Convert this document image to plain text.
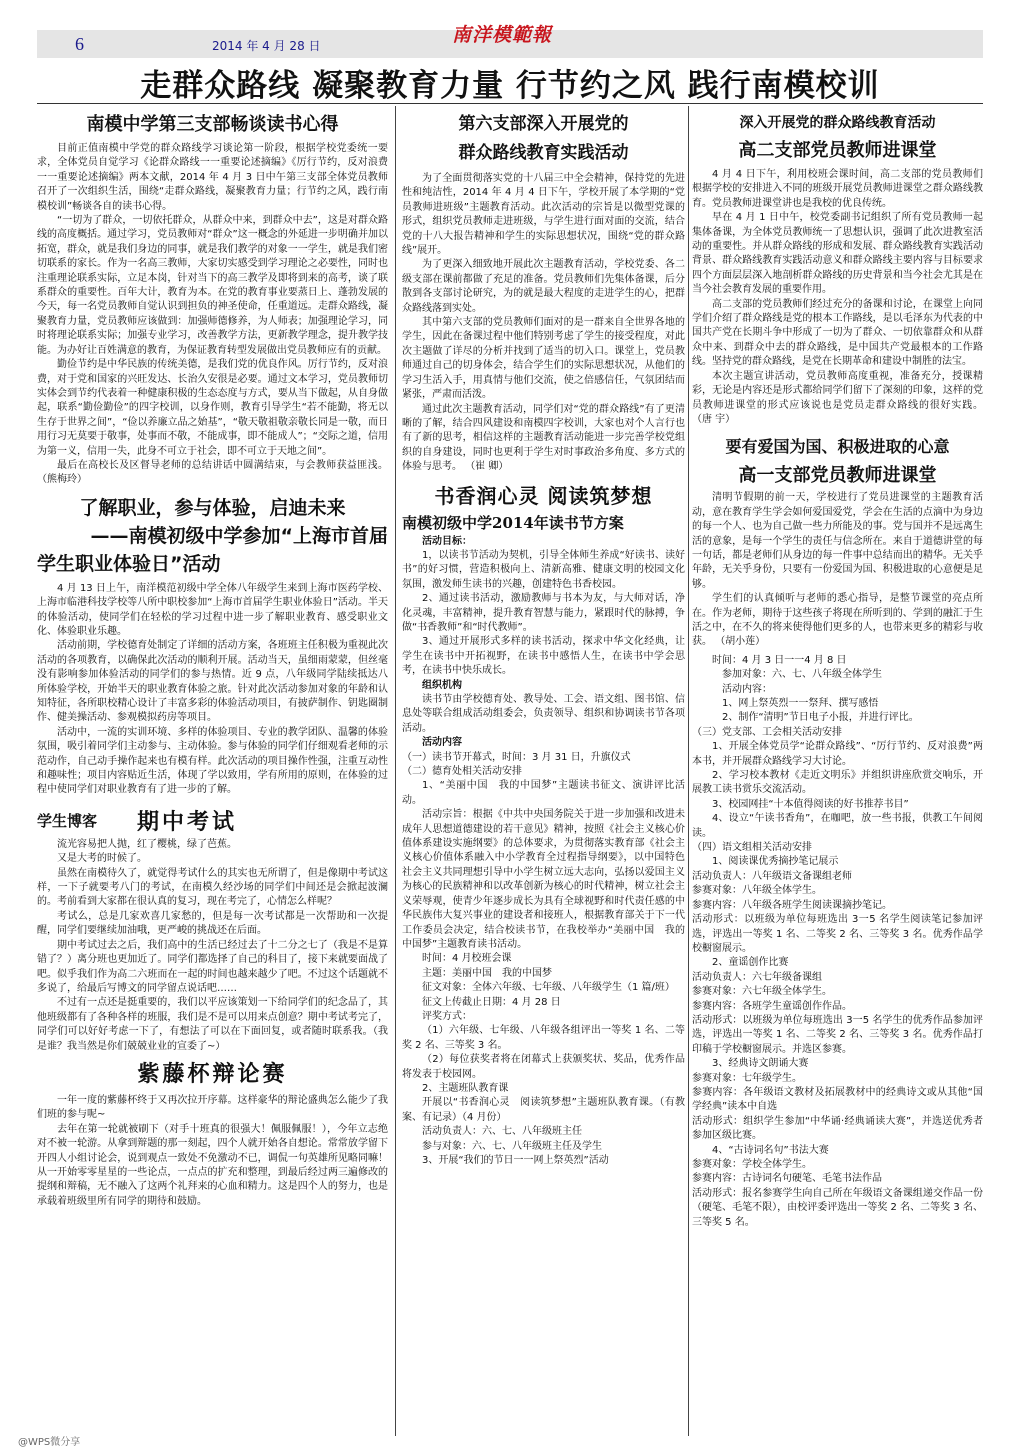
6	2014 年 4 月 28 日	南洋模範報
走群众路线 凝聚教育力量 行节约之风 践行南模校训
南模中学第三支部畅谈读书心得
目前正值南模中学党的群众路线学习谈论第一阶段，根据学校党委统一要求，全体党员自觉学习《论群众路线一一重要论述摘编》《厉行节约，反对浪费一一重要论述摘编》两本文献，2014 年 4 月 3 日中午第三支部全体党员教师召开了一次组织生活，围绕“走群众路线，凝聚教育力量；行节约之风，践行南模校训”畅谈各自的读书心得。
“一切为了群众，一切依托群众，从群众中来，到群众中去”，这是对群众路线的高度概括。通过学习，党员教师对“群众”这一概念的外延进一步明确并加以拓宽，群众，就是我们身边的同事，就是我们教学的对象一一学生，就是我们密切联系的家长。作为一名高三教师，大家切实感受到学习理论之必要性，同时也注重理论联系实际，立足本岗，针对当下的高三教学及即将到来的高考，谈了联系群众的重要性。百年大计，教育为本。在党的教育事业要蒸日上、蓬勃发展的今天，每一名党员教师自觉认识到担负的神圣使命，任重道远。走群众路线，凝聚教育力量，党员教师应该做到：加强师德修养，为人师表；加强理论学习，同时将理论联系实际；加强专业学习，改善教学方法，更新教学理念，提升教学技能。为办好让百姓满意的教育，为保证教育转型发展做出党员教师应有的贡献。
勤俭节约是中华民族的传统美德，是我们党的优良作风。厉行节约，反对浪费，对于党和国家的兴旺发达、长治久安很是必要。通过文本学习，党员教师切实体会到节约代表着一种健康积极的生态态度与方式，要从当下做起，从自身做起，联系“勤俭勤俭”的四字校训，以身作则，教育引导学生“若不能勤，将无以生存于世界之间”，“俭以养廉立品之始基”，“敬天敬祖敬亲敬长同是一敬，而日用行习无莫要于敬事，处事而不敬，不能成事，即不能成人”；“交际之道，信用为第一义，信用一失，此身不可立于社会，即不可立于天地之间”。
最后在高校长及区督导老师的总结讲话中圆满结束，与会教师获益匪浅。（熊梅玲）
了解职业，参与体验，启迪未来
——南模初级中学参加“上海市首届
学生职业体验日”活动
4 月 13 日上午，南洋模范初级中学全体八年级学生来到上海市医药学校、上海市临港科技学校等八所中职校参加“上海市首届学生职业体验日”活动。半天的体验活动，使同学们在轻松的学习过程中进一步了解职业教育、感受职业文化、体验职业乐趣。
活动前期，学校德育处制定了详细的活动方案，各班班主任积极为重视此次活动的各项教育，以确保此次活动的顺利开展。活动当天，虽细雨蒙蒙，但丝毫没有影响参加体验活动的同学们的参与热情。近 9 点，八年级同学陆续抵达八所体验学校，开始半天的职业教育体验之旅。针对此次活动参加对象的年龄和认知特征，各所职校精心设计了丰富多彩的体验活动项目，有披萨制作、钥匙圈制作、健美操活动、参观模拟药房等项目。
活动中，一流的实训环境、多样的体验项目、专业的教学团队、温馨的体验氛围，吸引着同学们主动参与、主动体验。参与体验的同学们仔细观看老师的示范动作，自己动手操作起来也有模有样。此次活动的项目操作性强，注重互动性和趣味性；项目内容贴近生活，体现了学以致用，学有所用的原则，在体验的过程中使同学们对职业教育有了进一步的了解。
学生博客	期中考试
流光容易把人抛，红了樱桃，绿了芭蕉。
又是大考的时候了。
虽然在南模待久了，就觉得考试什么的其实也无所谓了，但是像期中考试这样，一下子就要考八门的考试，在南模久经沙场的同学们中间还是会掀起波澜的。考前看到大家都在很认真的复习，现在考完了，心情怎么样呢？
考试么，总是几家欢喜几家愁的，但是每一次考试都是一次帮助和一次提醒，同学们要继续加油哦，更严峻的挑战还在后面。
期中考试过去之后，我们高中的生活已经过去了十二分之七了（我是不是算错了？）离分班也更加近了。同学们都选择了自己的科目了，接下来就要面战了吧。似乎我们作为高二六班而在一起的时间也越来越少了吧。不过这个话题就不多说了，给最后写博文的同学留点说话吧……
不过有一点还是挺重要的，我们以平应该策划一下给同学们的纪念品了，其他班级都有了各种各样的班服，我们是不是可以用来点创意？期中考试考完了，同学们可以好好考虑一下了，有想法了可以在下面回复，或者随时联系我。（我是谁？我当然是你们兢兢业业的宣委了~）
紫藤杯辩论赛
一年一度的紫藤杯终于又再次拉开序幕。这样豪华的辩论盛典怎么能少了我们班的参与呢~
去年在第一轮就被刷下（对手十班真的很强大！佩服佩服！），今年立志绝对不被一轮游。从拿到辩题的那一刻起，四个人就开始各自想论。常常放学留下开四人小组讨论会，说到观点一致处不免激动不已，调侃一句英雄所见略同嘛！从一开始零零星星的一些论点，一点点的扩充和整理，到最后经过两三遍修改的提纲和辩稿，无不融入了这两个礼拜来的心血和精力。这是四个人的努力，也是承载着班级里所有同学的期待和鼓励。
第六支部深入开展党的
群众路线教育实践活动
为了全面贯彻落实党的十八届三中全会精神，保持党的先进性和纯洁性，2014 年 4 月 4 日下午，学校开展了本学期的“党员教师进班级”主题教育活动。此次活动的宗旨是以微型党课的形式，组织党员教师走进班级，与学生进行面对面的交流，结合党的十八大报告精神和学生的实际思想状况，围绕“党的群众路线”展开。
为了更深入细致地开展此次主题教育活动，学校党委、各二级支部在课前都做了充足的准备。党员教师们先集体备课，后分散到各支部讨论研究，为的就是最大程度的走进学生的心，把群众路线落到实处。
其中第六支部的党员教师们面对的是一群来自全世界各地的学生，因此在备课过程中他们特别考虑了学生的接受程度，对此次主题做了详尽的分析并找到了适当的切入口。课堂上，党员教师通过自己的切身体会，结合学生们的实际思想状况，从他们的学习生活入手，用真情与他们交流，使之倍感信任，气氛团结而紧张，严肃而活泼。
通过此次主题教育活动，同学们对“党的群众路线”有了更清晰的了解，结合四风建设和南模四字校训，大家也对个人言行也有了新的思考，相信这样的主题教育活动能进一步完善学校党组织的自身建设，同时也更利于学生对时事政治多角度、多方式的体验与思考。 （崔 卿）
书香润心灵 阅读筑梦想
南模初级中学2014年读书节方案
活动目标：
1，以读书节活动为契机，引导全体师生养成“好读书、读好书”的好习惯，营造积极向上、清新高雅、健康文明的校园文化氛围，激发师生读书的兴趣，创建特色书香校园。
2、通过读书活动，激励教师与书本为友，与大师对话，净化灵魂，丰富精神，提升教育智慧与能力，紧跟时代的脉搏，争做“书香教师”和“时代教师”。
3、通过开展形式多样的读书活动，探求中华文化经典，让学生在读书中开拓视野，在读书中感悟人生，在读书中学会思考，在读书中快乐成长。
组织机构
读书节由学校德育处、教导处、工会、语文组、图书馆、信息处等联合组成活动组委会，负责领导、组织和协调读书节各项活动。
活动内容
（一）读书节开幕式，时间：3 月 31 日，升旗仪式
（二）德育处相关活动安排
1、“美丽中国　我的中国梦”主题读书征文、演讲评比活动。
活动宗旨：根据《中共中央国务院关于进一步加强和改进未成年人思想道德建设的若干意见》精神，按照《社会主义核心价值体系建设实施纲要》的总体要求，为贯彻落实教育部《社会主义核心价值体系融入中小学教育全过程指导纲要》，以中国特色社会主义共同理想引导中小学生树立远大志向，弘扬以爱国主义为核心的民族精神和以改革创新为核心的时代精神，树立社会主义荣辱观，使青少年逐步成长为具有全球视野和时代责任感的中华民族伟大复兴事业的建设者和接班人，根据教育部关于下一代工作委员会决定，结合校读书节，在我校举办“美丽中国　我的中国梦”主题教育读书活动。
时间：4 月校班会课
主题：美丽中国　我的中国梦
征文对象：全体六年级、七年级、八年级学生（1 篇/班）
征文上传截止日期：4 月 28 日
评奖方式：
（1）六年级、七年级、八年级各组评出一等奖 1 名、二等奖 2 名、三等奖 3 名。
（2）每位获奖者将在闭幕式上获颁奖状、奖品，优秀作品将发表于校园网。
2、主题班队教育课
开展以“书香润心灵　阅读筑梦想”主题班队教育课。（有教案、有记录）（4 月份）
活动负责人：六、七、八年级班主任
参与对象：六、七、八年级班主任及学生
3、开展“我们的节日一一网上祭英烈”活动
深入开展党的群众路线教育活动
高二支部党员教师进课堂
4 月 4 日下午，利用校班会课时间，高二支部的党员教师们根据学校的安排进入不同的班级开展党员教师进课堂之群众路线教育。党员教师进课堂讲也是我校的优良传统。
早在 4 月 1 日中午，校党委副书记组织了所有党员教师一起集体备课，为全体党员教师统一了思想认识，强调了此次进教室活动的重要性。并从群众路线的形成和发展、群众路线教育实践活动背景、群众路线教育实践活动意义和群众路线主要内容与目标要求四个方面层层深入地剖析群众路线的历史背景和当今社会尤其是在当今社会教育发展的重要作用。
高二支部的党员教师们经过充分的备课和讨论，在课堂上向同学们介绍了群众路线是党的根本工作路线，是以毛泽东为代表的中国共产党在长期斗争中形成了一切为了群众、一切依靠群众和从群众中来、到群众中去的群众路线，是中国共产党最根本的工作路线。坚持党的群众路线，是党在长期革命和建设中制胜的法宝。
本次主题宣讲活动，党员教师高度重视，准备充分，授课精彩，无论是内容还是形式都给同学们留下了深刻的印象，这样的党员教师进课堂的形式应该说也是党员走群众路线的很好实践。 （唐 宇）
要有爱国为国、积极进取的心意
高一支部党员教师进课堂
清明节假期的前一天，学校进行了党员进课堂的主题教育活动，意在教育学生学会如何爱国爱党，学会在生活的点滴中为身边的每一个人、也为自己做一些力所能及的事。党与国并不是远离生活的意象，是每一个学生的责任与信念所在。来自于道德讲堂的每一句话，都是老师们从身边的每一件事中总结而出的精华。无关乎年龄，无关乎身份，只要有一份爱国为国、积极进取的心意便是足够。
学生们的认真倾听与老师的悉心指导，是整节课堂的亮点所在。作为老师，期待于这些孩子将现在所听到的、学到的融汇于生活之中，在不久的将来使得他们更多的人，也带来更多的精彩与收获。 （胡小莲）
时间：4 月 3 日一一4 月 8 日
参加对象：六、七、八年级全体学生
活动内容：
1、网上祭英烈一一祭拜、撰写感悟
2、制作“清明”节日电子小报，并进行评比。
（三）党支部、工会相关活动安排
1、开展全体党员学“论群众路线”、“厉行节约、反对浪费”两本书，并开展群众路线学习大讨论。
2、学习校本教材《走近文明乐》并组织讲座欣赏交响乐，开展教工读书赏乐交流活动。
3、校园网挂“十本值得阅读的好书推荐书目”
4、设立“午读书香角”，在咖吧，放一些书报，供教工午间阅读。
（四）语文组相关活动安排
1、阅读课优秀摘抄笔记展示
活动负责人：八年级语文备课组老师
参赛对象：八年级全体学生。
参赛内容：八年级各班学生阅读课摘抄笔记。
活动形式：以班级为单位每班选出 3一5 名学生阅读笔记参加评选，评选出一等奖 1 名、二等奖 2 名、三等奖 3 名。优秀作品学校橱窗展示。
2、童谣创作比赛
活动负责人：六七年级备课组
参赛对象：六七年级全体学生。
参赛内容：各班学生童谣创作作品。
活动形式：以班级为单位每班选出 3一5 名学生的优秀作品参加评选，评选出一等奖 1 名、二等奖 2 名、三等奖 3 名。优秀作品打印稿于学校橱窗展示。并选区参赛。
3、经典诗文朗诵大赛
参赛对象：七年级学生。
参赛内容：各年级语文教材及拓展教材中的经典诗文或从其他“国学经典”读本中自选
活动形式：组织学生参加“中华诵·经典诵读大赛”，并选送优秀者参加区级比赛。
4、“古诗词名句”书法大赛
参赛对象：学校全体学生。
参赛内容：古诗词名句硬笔、毛笔书法作品
活动形式：报名参赛学生向自己所在年级语文备课组递交作品一份（硬笔、毛笔不限），由校评委评选出一等奖 2 名、二等奖 3 名、三等奖 5 名。
@WPS微分享
